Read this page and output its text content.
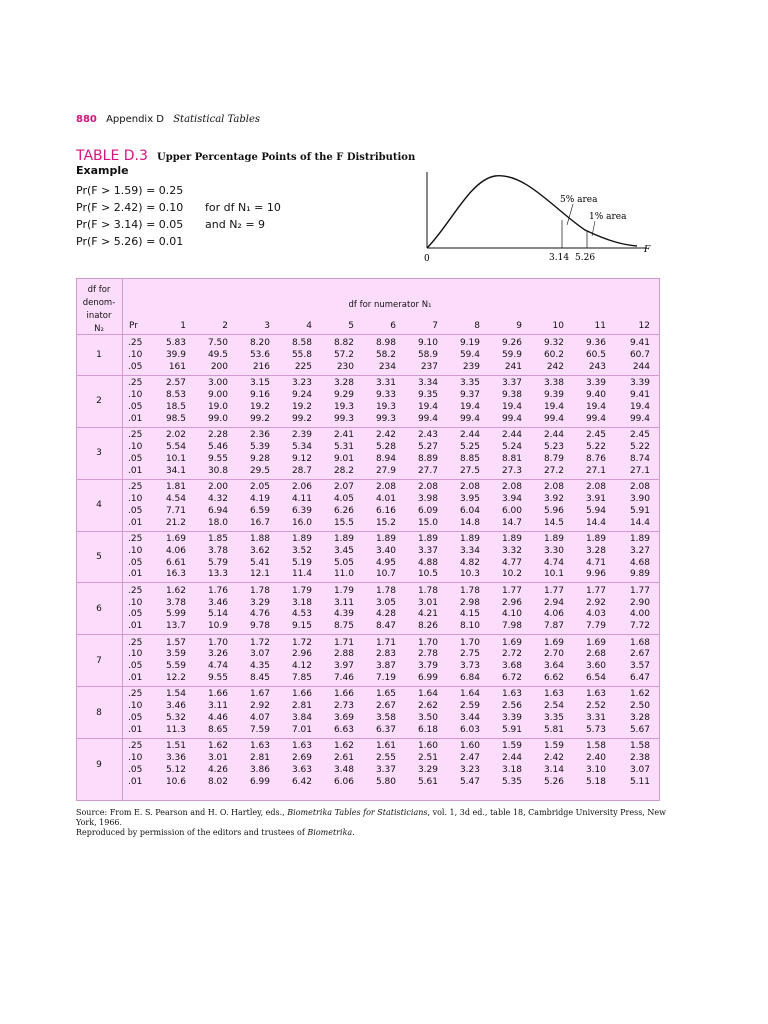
880 Appendix D Statistical Tables
TABLE D.3 Upper Percentage Points of the F Distribution
Example
Pr(F > 1.59) = 0.25
Pr(F > 2.42) = 0.10
Pr(F > 3.14) = 0.05
Pr(F > 5.26) = 0.01
for df N₁ = 10
and N₂ = 9
5% area
1% area
0	3.14 5.26
F
df for
denom-
inator
N₂
df for numerator N₁
Pr	1	2	3	4	5	6	7	8	9	10	11	12
1
.25	5.83	7.50	8.20	8.58	8.82	8.98	9.10	9.19	9.26	9.32	9.36	9.41
.10	39.9	49.5	53.6	55.8	57.2	58.2	58.9	59.4	59.9	60.2	60.5	60.7
.05	161	200	216	225	230	234	237	239	241	242	243	244
2
.25	2.57	3.00	3.15	3.23	3.28	3.31	3.34	3.35	3.37	3.38	3.39	3.39
.10	8.53	9.00	9.16	9.24	9.29	9.33	9.35	9.37	9.38	9.39	9.40	9.41
.05	18.5	19.0	19.2	19.2	19.3	19.3	19.4	19.4	19.4	19.4	19.4	19.4
.01	98.5	99.0	99.2	99.2	99.3	99.3	99.4	99.4	99.4	99.4	99.4	99.4
3
.25	2.02	2.28	2.36	2.39	2.41	2.42	2.43	2.44	2.44	2.44	2.45	2.45
.10	5.54	5.46	5.39	5.34	5.31	5.28	5.27	5.25	5.24	5.23	5.22	5.22
.05	10.1	9.55	9.28	9.12	9.01	8.94	8.89	8.85	8.81	8.79	8.76	8.74
.01	34.1	30.8	29.5	28.7	28.2	27.9	27.7	27.5	27.3	27.2	27.1	27.1
4
.25	1.81	2.00	2.05	2.06	2.07	2.08	2.08	2.08	2.08	2.08	2.08	2.08
.10	4.54	4.32	4.19	4.11	4.05	4.01	3.98	3.95	3.94	3.92	3.91	3.90
.05	7.71	6.94	6.59	6.39	6.26	6.16	6.09	6.04	6.00	5.96	5.94	5.91
.01	21.2	18.0	16.7	16.0	15.5	15.2	15.0	14.8	14.7	14.5	14.4	14.4
5
.25	1.69	1.85	1.88	1.89	1.89	1.89	1.89	1.89	1.89	1.89	1.89	1.89
.10	4.06	3.78	3.62	3.52	3.45	3.40	3.37	3.34	3.32	3.30	3.28	3.27
.05	6.61	5.79	5.41	5.19	5.05	4.95	4.88	4.82	4.77	4.74	4.71	4.68
.01	16.3	13.3	12.1	11.4	11.0	10.7	10.5	10.3	10.2	10.1	9.96	9.89
6
.25	1.62	1.76	1.78	1.79	1.79	1.78	1.78	1.78	1.77	1.77	1.77	1.77
.10	3.78	3.46	3.29	3.18	3.11	3.05	3.01	2.98	2.96	2.94	2.92	2.90
.05	5.99	5.14	4.76	4.53	4.39	4.28	4.21	4.15	4.10	4.06	4.03	4.00
.01	13.7	10.9	9.78	9.15	8.75	8.47	8.26	8.10	7.98	7.87	7.79	7.72
7
.25	1.57	1.70	1.72	1.72	1.71	1.71	1.70	1.70	1.69	1.69	1.69	1.68
.10	3.59	3.26	3.07	2.96	2.88	2.83	2.78	2.75	2.72	2.70	2.68	2.67
.05	5.59	4.74	4.35	4.12	3.97	3.87	3.79	3.73	3.68	3.64	3.60	3.57
.01	12.2	9.55	8.45	7.85	7.46	7.19	6.99	6.84	6.72	6.62	6.54	6.47
8
.25	1.54	1.66	1.67	1.66	1.66	1.65	1.64	1.64	1.63	1.63	1.63	1.62
.10	3.46	3.11	2.92	2.81	2.73	2.67	2.62	2.59	2.56	2.54	2.52	2.50
.05	5.32	4.46	4.07	3.84	3.69	3.58	3.50	3.44	3.39	3.35	3.31	3.28
.01	11.3	8.65	7.59	7.01	6.63	6.37	6.18	6.03	5.91	5.81	5.73	5.67
9
.25	1.51	1.62	1.63	1.63	1.62	1.61	1.60	1.60	1.59	1.59	1.58	1.58
.10	3.36	3.01	2.81	2.69	2.61	2.55	2.51	2.47	2.44	2.42	2.40	2.38
.05	5.12	4.26	3.86	3.63	3.48	3.37	3.29	3.23	3.18	3.14	3.10	3.07
.01	10.6	8.02	6.99	6.42	6.06	5.80	5.61	5.47	5.35	5.26	5.18	5.11
Source: From E. S. Pearson and H. O. Hartley, eds., Biometrika Tables for Statisticians, vol. 1, 3d ed., table 18, Cambridge University Press, New York, 1966.
Reproduced by permission of the editors and trustees of Biometrika.
